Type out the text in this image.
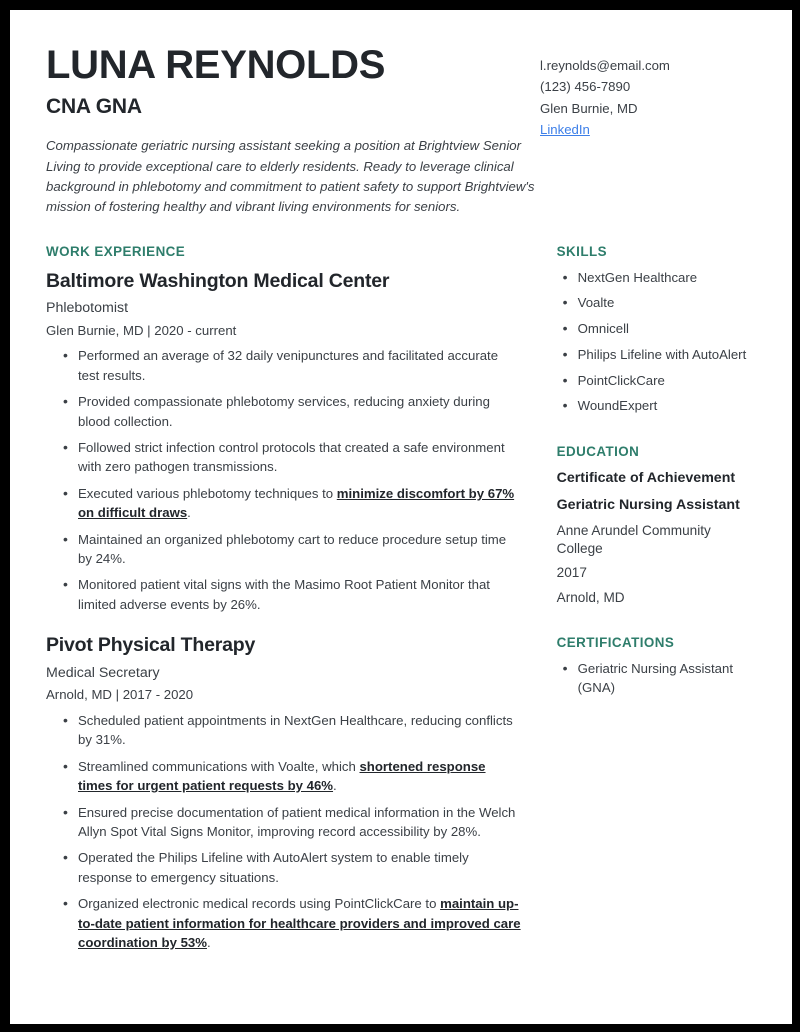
LUNA REYNOLDS
CNA GNA
Compassionate geriatric nursing assistant seeking a position at Brightview Senior Living to provide exceptional care to elderly residents. Ready to leverage clinical background in phlebotomy and commitment to patient safety to support Brightview's mission of fostering healthy and vibrant living environments for seniors.
l.reynolds@email.com
(123) 456-7890
Glen Burnie, MD
LinkedIn
WORK EXPERIENCE
Baltimore Washington Medical Center
Phlebotomist
Glen Burnie, MD | 2020 - current
• Performed an average of 32 daily venipunctures and facilitated accurate test results.
• Provided compassionate phlebotomy services, reducing anxiety during blood collection.
• Followed strict infection control protocols that created a safe environment with zero pathogen transmissions.
• Executed various phlebotomy techniques to minimize discomfort by 67% on difficult draws.
• Maintained an organized phlebotomy cart to reduce procedure setup time by 24%.
• Monitored patient vital signs with the Masimo Root Patient Monitor that limited adverse events by 26%.
Pivot Physical Therapy
Medical Secretary
Arnold, MD | 2017 - 2020
• Scheduled patient appointments in NextGen Healthcare, reducing conflicts by 31%.
• Streamlined communications with Voalte, which shortened response times for urgent patient requests by 46%.
• Ensured precise documentation of patient medical information in the Welch Allyn Spot Vital Signs Monitor, improving record accessibility by 28%.
• Operated the Philips Lifeline with AutoAlert system to enable timely response to emergency situations.
• Organized electronic medical records using PointClickCare to maintain up-to-date patient information for healthcare providers and improved care coordination by 53%.
SKILLS
• NextGen Healthcare
• Voalte
• Omnicell
• Philips Lifeline with AutoAlert
• PointClickCare
• WoundExpert
EDUCATION
Certificate of Achievement
Geriatric Nursing Assistant
Anne Arundel Community College
2017
Arnold, MD
CERTIFICATIONS
• Geriatric Nursing Assistant (GNA)
